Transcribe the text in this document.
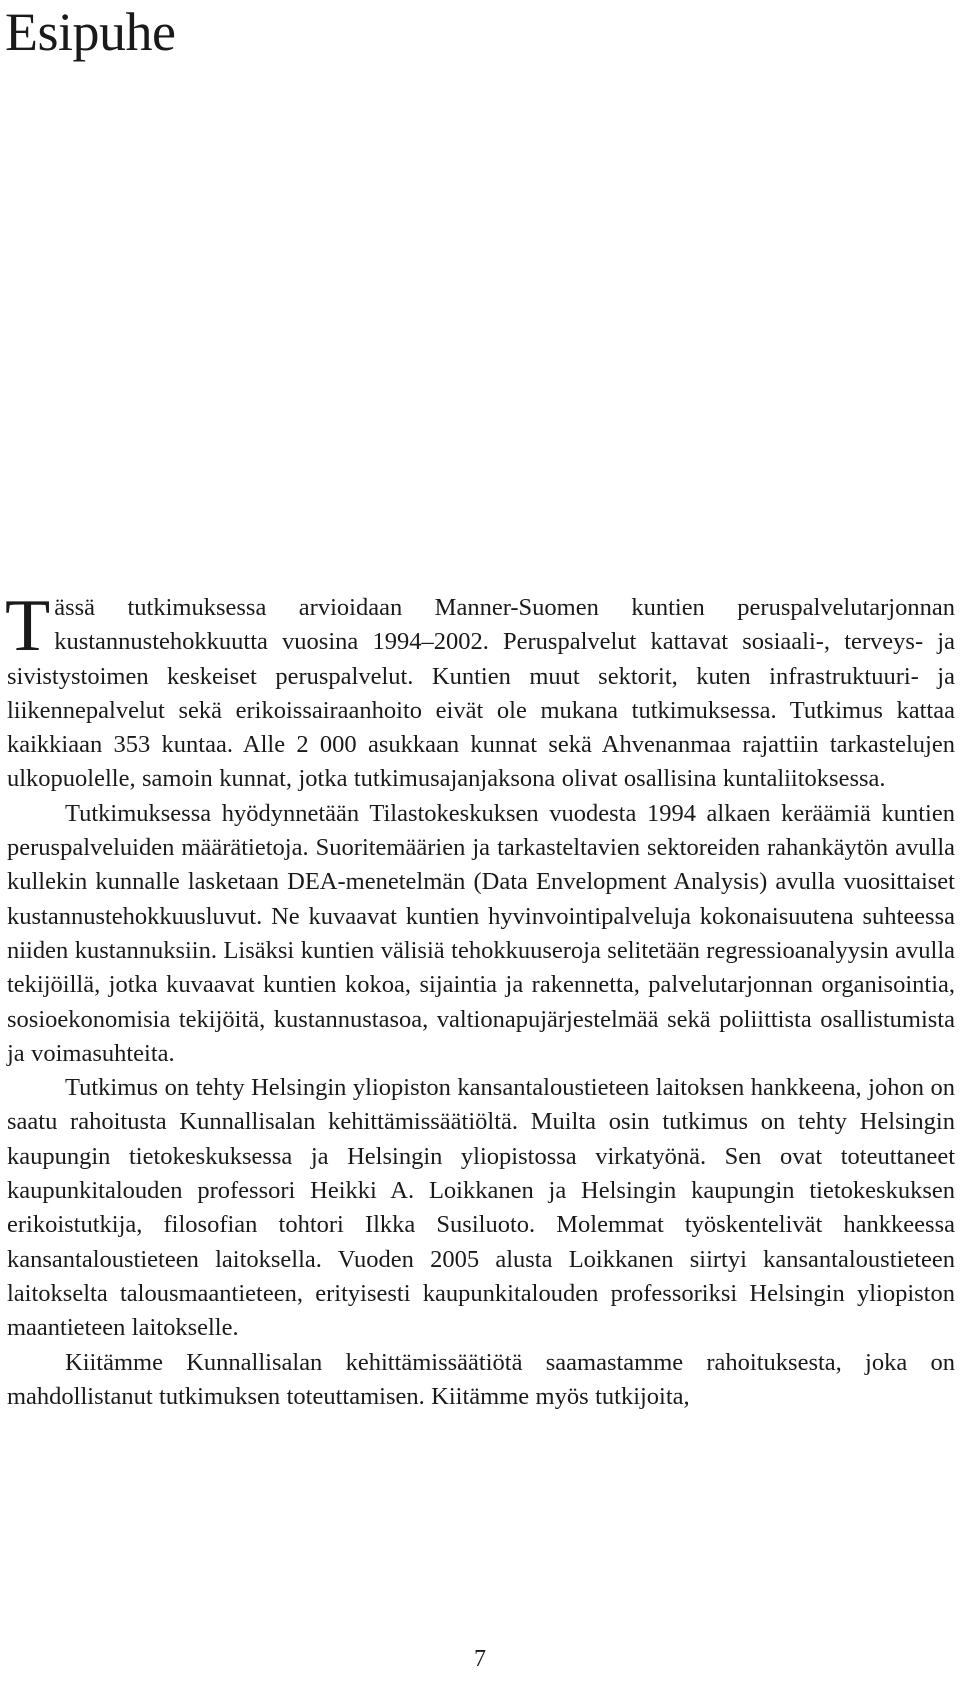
Esipuhe

Tässä tutkimuksessa arvioidaan Manner-Suomen kuntien peruspalvelutarjonnan kustannustehokkuutta vuosina 1994–2002. Peruspalvelut kattavat sosiaali-, terveys- ja sivistystoimen keskeiset peruspalvelut. Kuntien muut sektorit, kuten infrastruktuuri- ja liikennepalvelut sekä erikoissairaanhoito eivät ole mukana tutkimuksessa. Tutkimus kattaa kaikkiaan 353 kuntaa. Alle 2 000 asukkaan kunnat sekä Ahvenanmaa rajattiin tarkastelujen ulkopuolelle, samoin kunnat, jotka tutkimusajanjaksona olivat osallisina kuntaliitoksessa.

Tutkimuksessa hyödynnetään Tilastokeskuksen vuodesta 1994 alkaen keräämiä kuntien peruspalveluiden määrätietoja. Suoritemäärien ja tarkasteltavien sektoreiden rahankäytön avulla kullekin kunnalle lasketaan DEA-menetelmän (Data Envelopment Analysis) avulla vuosittaiset kustannustehokkuusluvut. Ne kuvaavat kuntien hyvinvointipalveluja kokonaisuutena suhteessa niiden kustannuksiin. Lisäksi kuntien välisiä tehokkuuseroja selitetään regressioanalyysin avulla tekijöillä, jotka kuvaavat kuntien kokoa, sijaintia ja rakennetta, palvelutarjonnan organisointia, sosioekonomisia tekijöitä, kustannustasoa, valtionapujärjestelmää sekä poliittista osallistumista ja voimasuhteita.

Tutkimus on tehty Helsingin yliopiston kansantaloustieteen laitoksen hankkeena, johon on saatu rahoitusta Kunnallisalan kehittämissäätiöltä. Muilta osin tutkimus on tehty Helsingin kaupungin tietokeskuksessa ja Helsingin yliopistossa virkatyönä. Sen ovat toteuttaneet kaupunkitalouden professori Heikki A. Loikkanen ja Helsingin kaupungin tietokeskuksen erikoistutkija, filosofian tohtori Ilkka Susiluoto. Molemmat työskentelivät hankkeessa kansantaloustieteen laitoksella. Vuoden 2005 alusta Loikkanen siirtyi kansantaloustieteen laitokselta talousmaantieteen, erityisesti kaupunkitalouden professoriksi Helsingin yliopiston maantieteen laitokselle.

Kiitämme Kunnallisalan kehittämissäätiötä saamastamme rahoituksesta, joka on mahdollistanut tutkimuksen toteuttamisen. Kiitämme myös tutkijoita,

7
